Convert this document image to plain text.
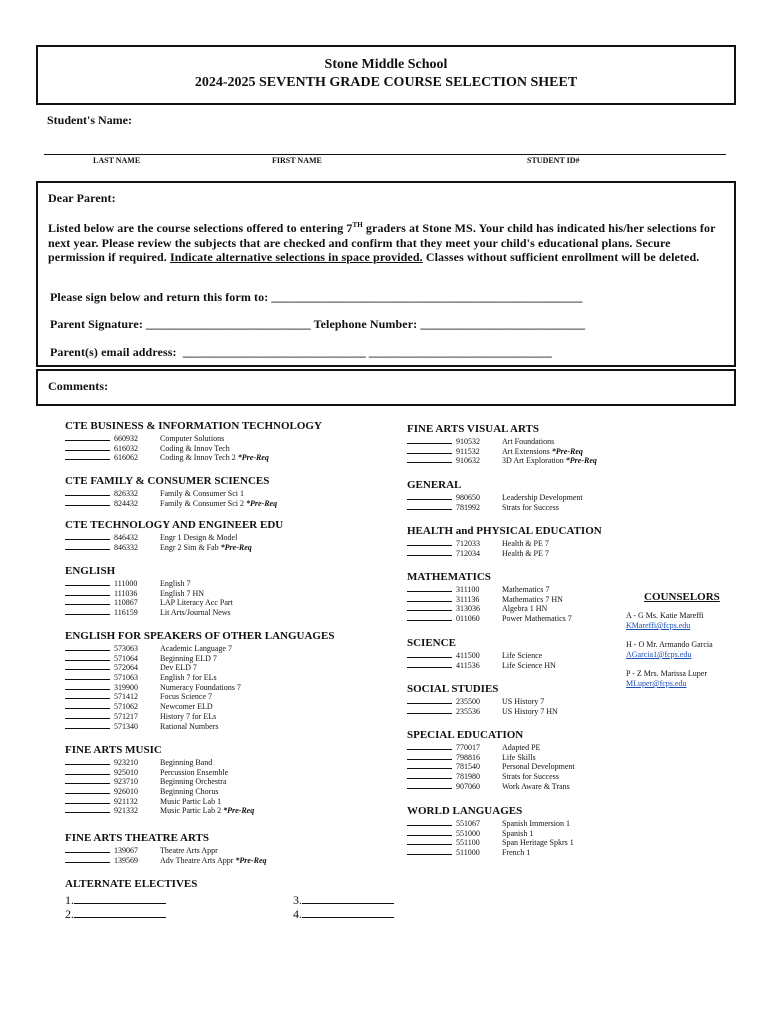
Stone Middle School
2024-2025 SEVENTH GRADE COURSE SELECTION SHEET
Student's Name:
LAST NAME	FIRST NAME	STUDENT ID#
Dear Parent:
Listed below are the course selections offered to entering 7TH graders at Stone MS. Your child has indicated his/her selections for next year. Please review the subjects that are checked and confirm that they meet your child's educational plans. Secure permission if required. Indicate alternative selections in space provided. Classes without sufficient enrollment will be deleted.
Please sign below and return this form to: ___________________________________________________
Parent Signature: ___________________________ Telephone Number: ___________________________
Parent(s) email address: ______________________________ ______________________________
Comments:
CTE BUSINESS & INFORMATION TECHNOLOGY
660932	Computer Solutions
616032	Coding & Innov Tech
616062	Coding & Innov Tech 2 *Pre-Req
CTE FAMILY & CONSUMER SCIENCES
826332	Family & Consumer Sci 1
824432	Family & Consumer Sci 2 *Pre-Req
CTE TECHNOLOGY AND ENGINEER EDU
846432	Engr 1 Design & Model
846332	Engr 2 Sim & Fab *Pre-Req
ENGLISH
111000	English 7
111036	English 7 HN
110867	LAP Literacy Acc Part
116159	Lit Arts/Journal News
ENGLISH FOR SPEAKERS OF OTHER LANGUAGES
573063	Academic Language 7
571064	Beginning ELD 7
572064	Dev ELD 7
571063	English 7 for ELs
319900	Numeracy Foundations 7
571412	Focus Science 7
571062	Newcomer ELD
571217	History 7 for ELs
571340	Rational Numbers
FINE ARTS MUSIC
923210	Beginning Band
925010	Percussion Ensemble
923710	Beginning Orchestra
926010	Beginning Chorus
921132	Music Partic Lab 1
921332	Music Partic Lab 2 *Pre-Req
FINE ARTS THEATRE ARTS
139067	Theatre Arts Appr
139569	Adv Theatre Arts Appr *Pre-Req
FINE ARTS VISUAL ARTS
910532	Art Foundations
911532	Art Extensions *Pre-Req
910632	3D Art Exploration *Pre-Req
GENERAL
980650	Leadership Development
781992	Strats for Success
HEALTH and PHYSICAL EDUCATION
712033	Health & PE 7
712034	Health & PE 7
MATHEMATICS
311100	Mathematics 7
311136	Mathematics 7 HN
313036	Algebra 1 HN
011060	Power Mathematics 7
SCIENCE
411500	Life Science
411536	Life Science HN
SOCIAL STUDIES
235500	US History 7
235536	US History 7 HN
SPECIAL EDUCATION
770017	Adapted PE
798816	Life Skills
781540	Personal Development
781980	Strats for Success
907060	Work Aware & Trans
WORLD LANGUAGES
551067	Spanish Immersion 1
551000	Spanish 1
551100	Span Heritage Spkrs 1
511000	French 1
COUNSELORS
A - G Ms. Katie Mareffi
KMareffi@fcps.edu
H - O Mr. Armando Garcia
AGarcia1@fcps.edu
P - Z Mrs. Marissa Luper
MLuper@fcps.edu
ALTERNATE ELECTIVES
1.
2.
3.
4.
